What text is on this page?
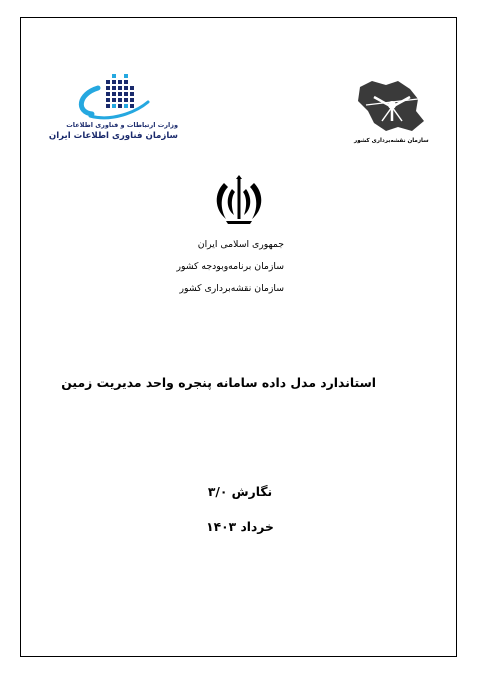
وزارت ارتباطات و فناوری اطلاعات
سازمان فناوری اطلاعات ایران	سازمان نقشه‌برداری کشور
جمهوری اسلامی ایران
سازمان برنامه‌وبودجه کشور
سازمان نقشه‌برداری کشور
استاندارد مدل داده سامانه پنجره واحد مدیریت زمین
نگارش ۳/۰
خرداد ۱۴۰۳
